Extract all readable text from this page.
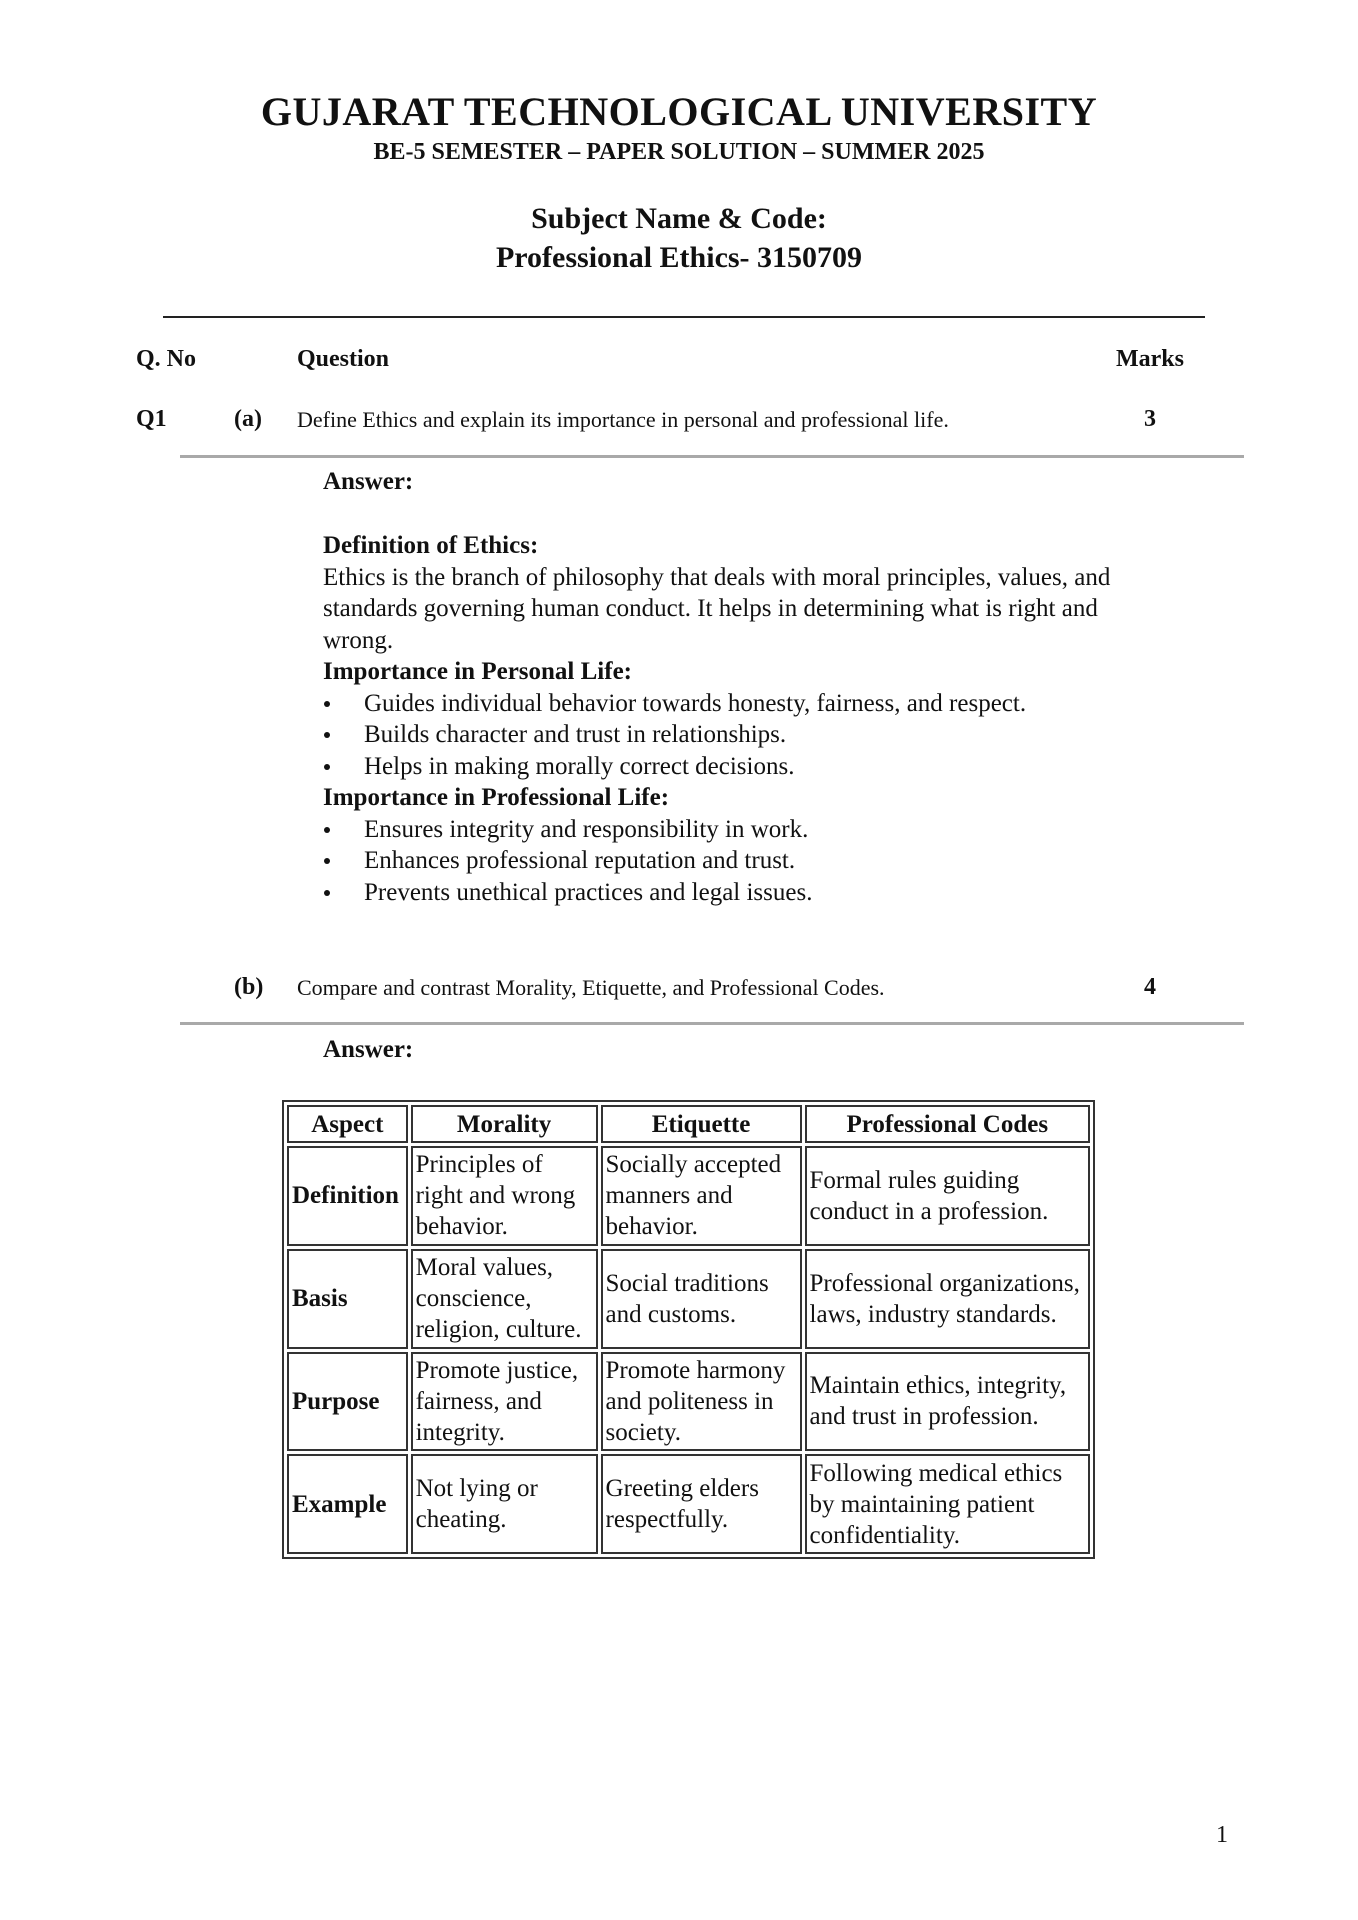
GUJARAT TECHNOLOGICAL UNIVERSITY
BE-5 SEMESTER – PAPER SOLUTION – SUMMER 2025
Subject Name & Code:
Professional Ethics- 3150709
Q. No	Question	Marks
Q1	(a) Define Ethics and explain its importance in personal and professional life.	3
Answer:
Definition of Ethics:
Ethics is the branch of philosophy that deals with moral principles, values, and standards governing human conduct. It helps in determining what is right and wrong.
Importance in Personal Life:
Guides individual behavior towards honesty, fairness, and respect.
Builds character and trust in relationships.
Helps in making morally correct decisions.
Importance in Professional Life:
Ensures integrity and responsibility in work.
Enhances professional reputation and trust.
Prevents unethical practices and legal issues.
(b) Compare and contrast Morality, Etiquette, and Professional Codes.	4
Answer:
Aspect	Morality	Etiquette	Professional Codes
Definition	Principles of right and wrong behavior.	Socially accepted manners and behavior.	Formal rules guiding conduct in a profession.
Basis	Moral values, conscience, religion, culture.	Social traditions and customs.	Professional organizations, laws, industry standards.
Purpose	Promote justice, fairness, and integrity.	Promote harmony and politeness in society.	Maintain ethics, integrity, and trust in profession.
Example	Not lying or cheating.	Greeting elders respectfully.	Following medical ethics by maintaining patient confidentiality.
1
